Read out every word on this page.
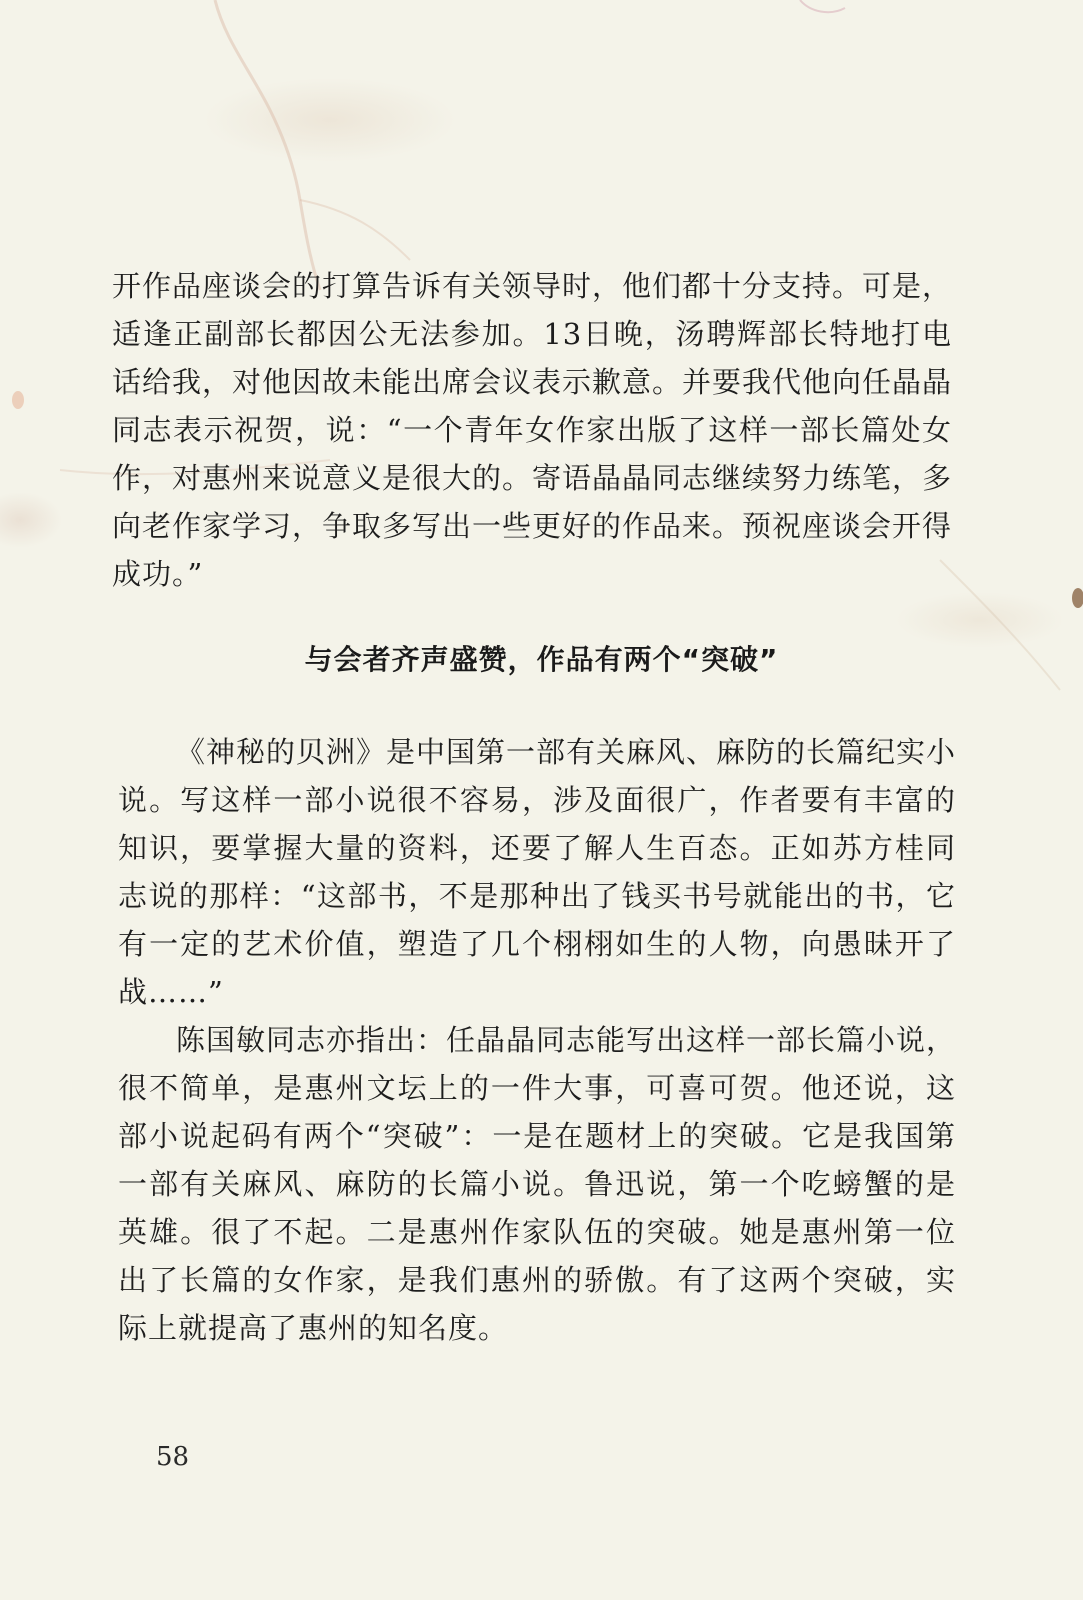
开作品座谈会的打算告诉有关领导时，他们都十分支持。可是，适逢正副部长都因公无法参加。13日晚，汤聘辉部长特地打电话给我，对他因故未能出席会议表示歉意。并要我代他向任晶晶同志表示祝贺，说：“一个青年女作家出版了这样一部长篇处女作，对惠州来说意义是很大的。寄语晶晶同志继续努力练笔，多向老作家学习，争取多写出一些更好的作品来。预祝座谈会开得成功。”

与会者齐声盛赞，作品有两个“突破”

《神秘的贝洲》是中国第一部有关麻风、麻防的长篇纪实小说。写这样一部小说很不容易，涉及面很广，作者要有丰富的知识，要掌握大量的资料，还要了解人生百态。正如苏方桂同志说的那样：“这部书，不是那种出了钱买书号就能出的书，它有一定的艺术价值，塑造了几个栩栩如生的人物，向愚昧开了战……”

陈国敏同志亦指出：任晶晶同志能写出这样一部长篇小说，很不简单，是惠州文坛上的一件大事，可喜可贺。他还说，这部小说起码有两个“突破”：一是在题材上的突破。它是我国第一部有关麻风、麻防的长篇小说。鲁迅说，第一个吃螃蟹的是英雄。很了不起。二是惠州作家队伍的突破。她是惠州第一位出了长篇的女作家，是我们惠州的骄傲。有了这两个突破，实际上就提高了惠州的知名度。

58
